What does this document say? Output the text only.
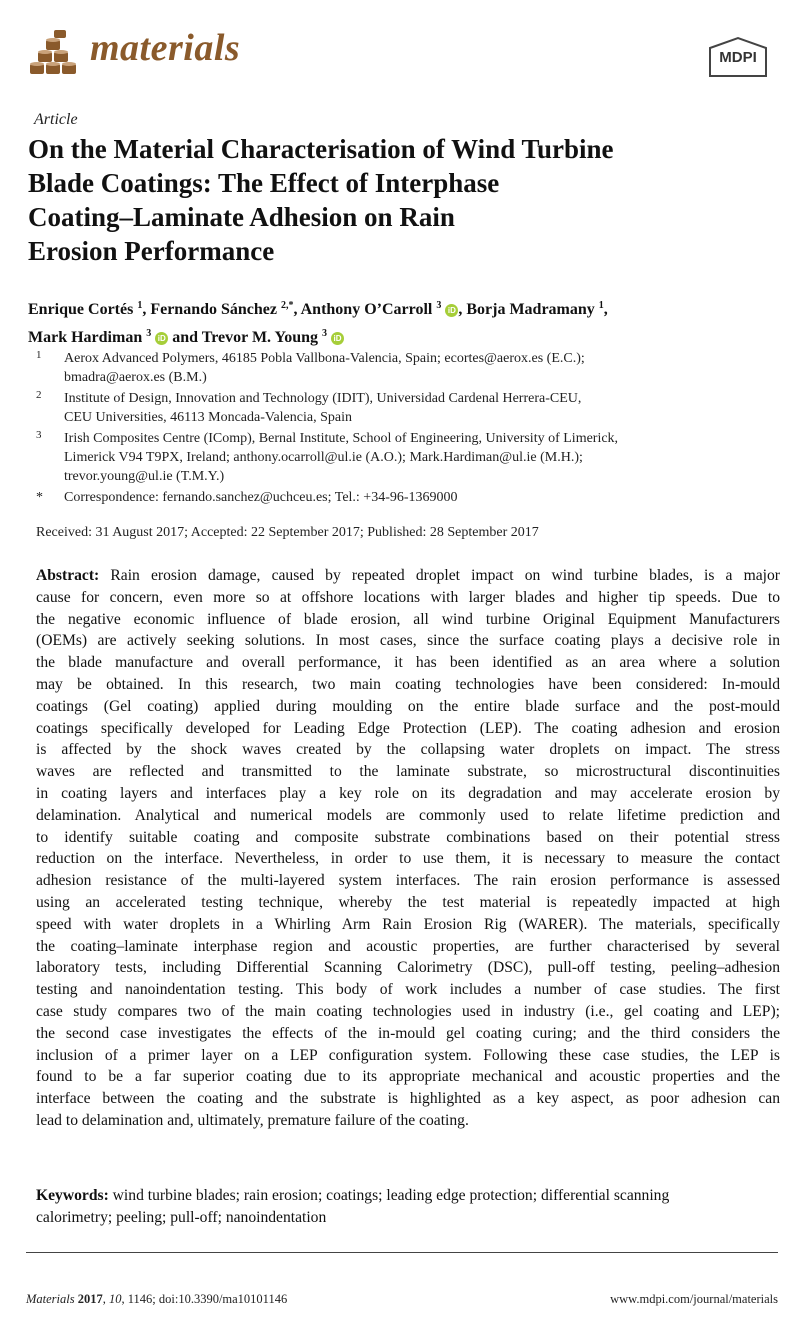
materials	MDPI
Article
On the Material Characterisation of Wind Turbine
Blade Coatings: The Effect of Interphase
Coating–Laminate Adhesion on Rain
Erosion Performance
Enrique Cortés $^1$, Fernando Sánchez $^{2,*}$, Anthony O’Carroll $^3$ iD , Borja Madramany $^1$,
Mark Hardiman $^3$ iD and Trevor M. Young $^3$ iD
1 Aerox Advanced Polymers, 46185 Pobla Vallbona-Valencia, Spain; ecortes@aerox.es (E.C.);
bmadra@aerox.es (B.M.)
2 Institute of Design, Innovation and Technology (IDIT), Universidad Cardenal Herrera-CEU,
CEU Universities, 46113 Moncada-Valencia, Spain
3 Irish Composites Centre (IComp), Bernal Institute, School of Engineering, University of Limerick,
Limerick V94 T9PX, Ireland; anthony.ocarroll@ul.ie (A.O.); Mark.Hardiman@ul.ie (M.H.);
trevor.young@ul.ie (T.M.Y.)
* Correspondence: fernando.sanchez@uchceu.es; Tel.: +34-96-1369000
Received: 31 August 2017; Accepted: 22 September 2017; Published: 28 September 2017
Abstract: Rain erosion damage, caused by repeated droplet impact on wind turbine blades, is a major
cause for concern, even more so at offshore locations with larger blades and higher tip speeds. Due to
the negative economic influence of blade erosion, all wind turbine Original Equipment Manufacturers
(OEMs) are actively seeking solutions. In most cases, since the surface coating plays a decisive role in
the blade manufacture and overall performance, it has been identified as an area where a solution
may be obtained. In this research, two main coating technologies have been considered: In-mould
coatings (Gel coating) applied during moulding on the entire blade surface and the post-mould
coatings specifically developed for Leading Edge Protection (LEP). The coating adhesion and erosion
is affected by the shock waves created by the collapsing water droplets on impact. The stress
waves are reflected and transmitted to the laminate substrate, so microstructural discontinuities
in coating layers and interfaces play a key role on its degradation and may accelerate erosion by
delamination. Analytical and numerical models are commonly used to relate lifetime prediction and
to identify suitable coating and composite substrate combinations based on their potential stress
reduction on the interface. Nevertheless, in order to use them, it is necessary to measure the contact
adhesion resistance of the multi-layered system interfaces. The rain erosion performance is assessed
using an accelerated testing technique, whereby the test material is repeatedly impacted at high
speed with water droplets in a Whirling Arm Rain Erosion Rig (WARER). The materials, specifically
the coating–laminate interphase region and acoustic properties, are further characterised by several
laboratory tests, including Differential Scanning Calorimetry (DSC), pull-off testing, peeling–adhesion
testing and nanoindentation testing. This body of work includes a number of case studies. The first
case study compares two of the main coating technologies used in industry (i.e., gel coating and LEP);
the second case investigates the effects of the in-mould gel coating curing; and the third considers the
inclusion of a primer layer on a LEP configuration system. Following these case studies, the LEP is
found to be a far superior coating due to its appropriate mechanical and acoustic properties and the
interface between the coating and the substrate is highlighted as a key aspect, as poor adhesion can
lead to delamination and, ultimately, premature failure of the coating.
Keywords: wind turbine blades; rain erosion; coatings; leading edge protection; differential scanning
calorimetry; peeling; pull-off; nanoindentation
Materials 2017, 10, 1146; doi:10.3390/ma10101146	www.mdpi.com/journal/materials
